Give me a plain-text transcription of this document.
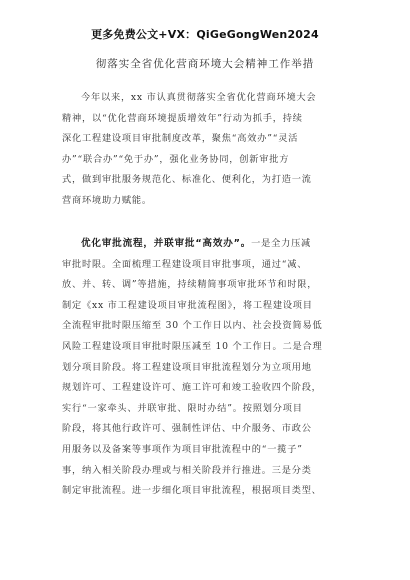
更多免费公文+VX：QiGeGongWen2024
彻落实全省优化营商环境大会精神工作举措
今年以来，xx 市认真贯彻落实全省优化营商环境大会
精神，以“优化营商环境提质增效年”行动为抓手，持续
深化工程建设项目审批制度改革，聚焦“高效办”“灵活
办”“联合办”“免于办”，强化业务协同，创新审批方
式，做到审批服务规范化、标准化、便利化，为打造一流
营商环境助力赋能。
优化审批流程，并联审批“高效办”。一是全力压减
审批时限。全面梳理工程建设项目审批事项，通过“减、
放、并、转、调”等措施，持续精简事项审批环节和时限，
制定《xx 市工程建设项目审批流程图》，将工程建设项目
全流程审批时限压缩至 30 个工作日以内、社会投资简易低
风险工程建设项目审批时限压减至 10 个工作日。二是合理
划分项目阶段。将工程建设项目审批流程划分为立项用地
规划许可、工程建设许可、施工许可和竣工验收四个阶段，
实行“一家牵头、并联审批、限时办结”。按照划分项目
阶段，将其他行政许可、强制性评估、中介服务、市政公
用服务以及备案等事项作为项目审批流程中的“一揽子”
事，纳入相关阶段办理或与相关阶段并行推进。三是分类
制定审批流程。进一步细化项目审批流程，根据项目类型、
